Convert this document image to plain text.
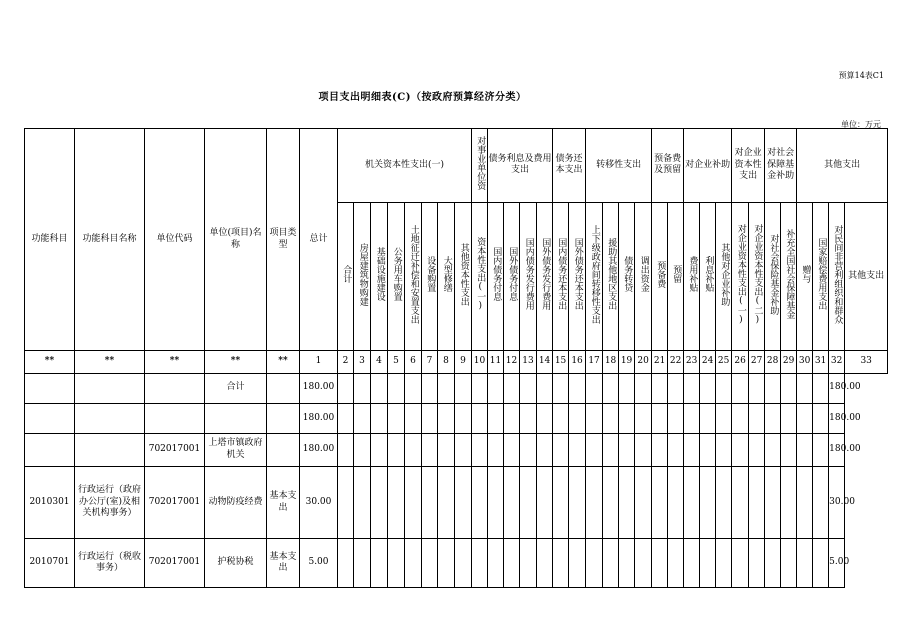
预算14表C1
项目支出明细表(C)（按政府预算经济分类）
单位：万元
功能科目	功能科目名称	单位代码	单位(项目)名称	项目类型	总计	机关资本性支出(一)								对事业单位资	债务利息及费用支出				债务还本支出		转移性支出				预备费及预留		对企业补助			对企业资本性支出		对社会保障基金补助		其他支出			
						合计	房屋建筑物购建	基础设施建设	公务用车购置	土地征迁补偿和安置支出	设备购置	大型修缮	其他资本性支出	资本性支出(一)	国内债务付息	国外债务付息	国内债务发行费用	国外债务发行费用	国内债务还本支出	国外债务还本支出	上下级政府间转移性支出	援助其他地区支出	债务转贷	调出资金	预备费	预留	费用补贴	利息补贴	其他对企业补助	对企业资本性支出(一)	对企业资本性支出(二)	对社会保险基金补助	补充全国社会保障基金	赠与	国家赔偿费用支出	对民间非营利组织和群众	其他支出
**	**	**	**	**	1	2	3	4	5	6	7	8	9	10	11	12	13	14	15	16	17	18	19	20	21	22	23	24	25	26	27	28	29	30	31	32	33
			合计		180.00																															180.00	
					180.00																															180.00	
		702017001	上塔市镇政府机关		180.00																															180.00	
2010301	行政运行（政府办公厅(室)及相关机构事务）	702017001	动物防疫经费	基本支出	30.00																															30.00	
2010701	行政运行（税收事务）	702017001	护税协税	基本支出	5.00																															5.00	
